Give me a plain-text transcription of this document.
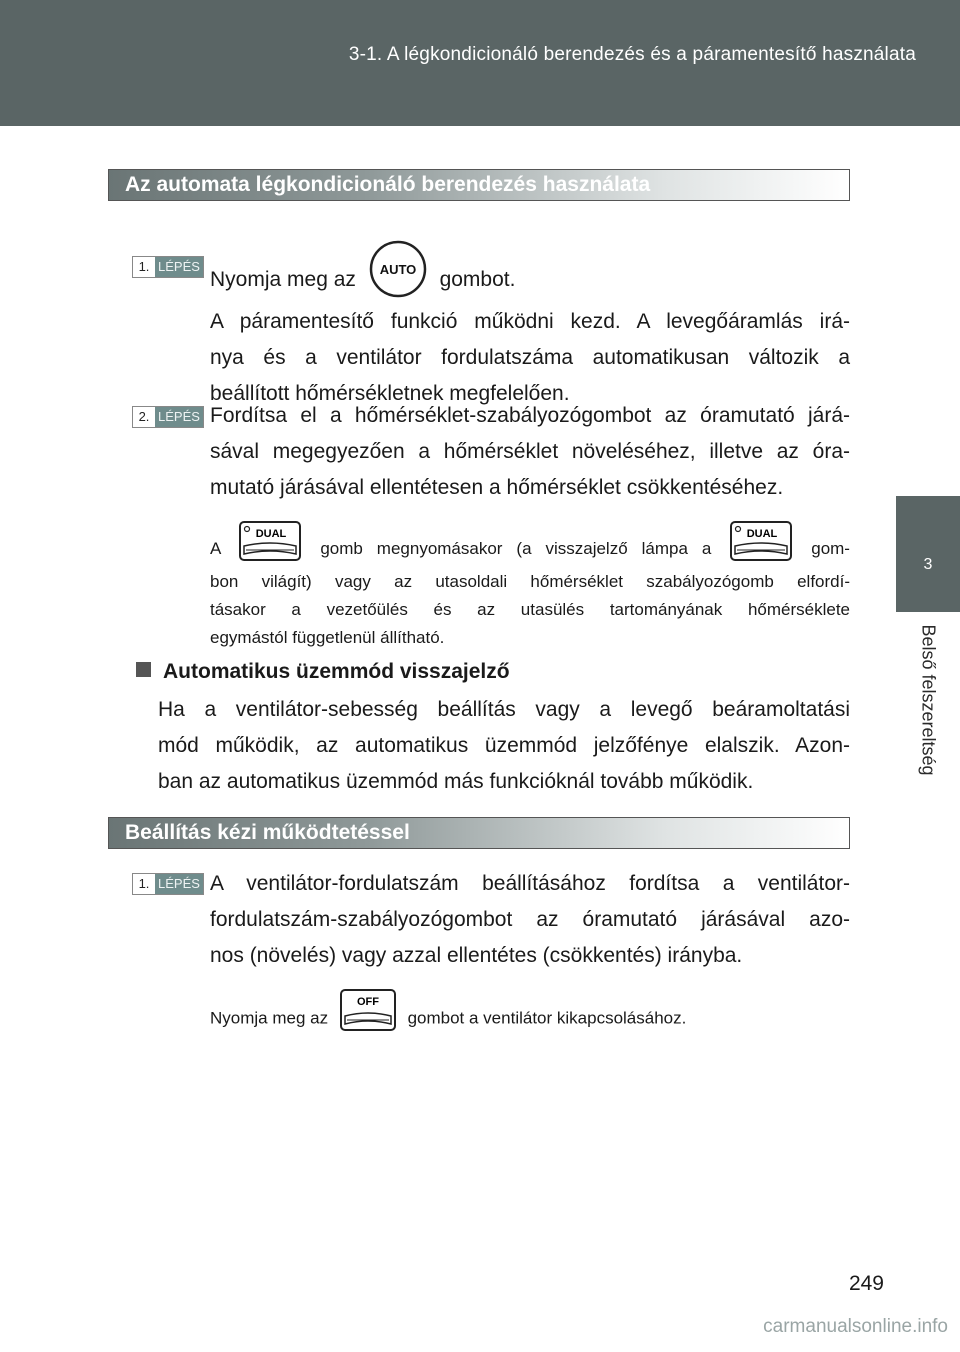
3-1. A légkondicionáló berendezés és a páramentesítő használata
3
Belső felszereltség
Az automata légkondicionáló berendezés használata
1. LÉPÉS
Nyomja meg az AUTO gombot.
A páramentesítő funkció működni kezd. A levegőáramlás irá-
nya és a ventilátor fordulatszáma automatikusan változik a
beállított hőmérsékletnek megfelelően.
2. LÉPÉS Fordítsa el a hőmérséklet-szabályozógombot az óramutató járá-
sával megegyezően a hőmérséklet növeléséhez, illetve az óra-
mutató járásával ellentétesen a hőmérséklet csökkentéséhez.
A
DUAL
gomb megnyomásakor (a visszajelző lámpa a
DUAL
gom-
bon világít) vagy az utasoldali hőmérséklet szabályozógomb elfordí-
tásakor a vezetőülés és az utasülés tartományának hőmérséklete
egymástól függetlenül állítható.
Automatikus üzemmód visszajelző
Ha a ventilátor-sebesség beállítás vagy a levegő beáramoltatási
mód működik, az automatikus üzemmód jelzőfénye elalszik. Azon-
ban az automatikus üzemmód más funkcióknál tovább működik.
Beállítás kézi működtetéssel
1. LÉPÉS A ventilátor-fordulatszám beállításához fordítsa a ventilátor-
fordulatszám-szabályozógombot az óramutató járásával azo-
nos (növelés) vagy azzal ellentétes (csökkentés) irányba.
Nyomja meg az
OFF
gombot a ventilátor kikapcsolásához.
249
carmanualsonline.info
